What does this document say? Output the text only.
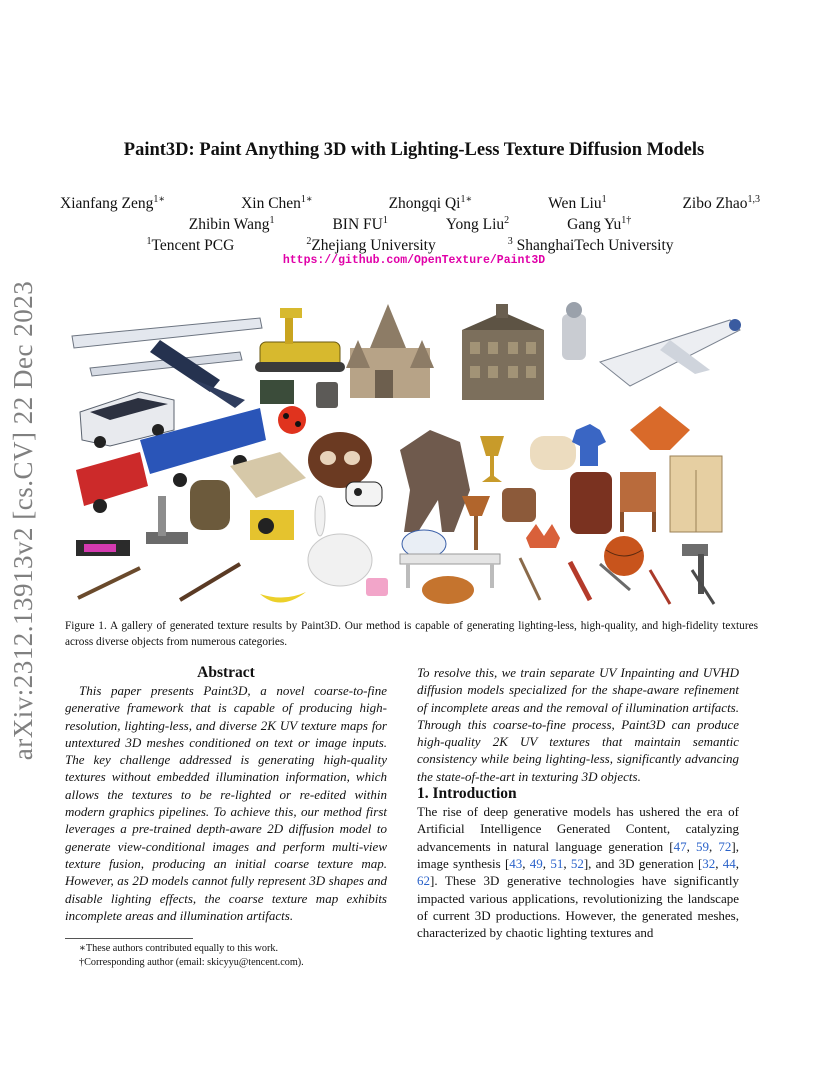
arXiv:2312.13913v2 [cs.CV] 22 Dec 2023
Paint3D: Paint Anything 3D with Lighting-Less Texture Diffusion Models
Xianfang Zeng$^{1∗}$	Xin Chen$^{1∗}$	Zhongqi $Qi^{1∗}$	Wen Liu$^1$	Zibo Zhao$^{1,3}$
Zhibin Wang$^1$	BIN $FU^1$	Yong Liu$^2$	Gang $Yu^{1\dagger}$
$^1$Tencent PCG	$^2$Zhejiang University	$^3$ ShanghaiTech University
https://github.com/OpenTexture/Paint3D
Figure 1. A gallery of generated texture results by Paint3D. Our method is capable of generating lighting-less, high-quality, and high-fidelity textures across diverse objects from numerous categories.

Abstract

This paper presents Paint3D, a novel coarse-to-fine generative framework that is capable of producing high-resolution, lighting-less, and diverse 2K UV texture maps for untextured 3D meshes conditioned on text or image inputs. The key challenge addressed is generating high-quality textures without embedded illumination information, which allows the textures to be re-lighted or re-edited within modern graphics pipelines. To achieve this, our method first leverages a pre-trained depth-aware 2D diffusion model to generate view-conditional images and perform multi-view texture fusion, producing an initial coarse texture map. However, as 2D models cannot fully represent 3D shapes and disable lighting effects, the coarse texture map exhibits incomplete areas and illumination artifacts.

∗These authors contributed equally to this work.

†Corresponding author (email: skicyyu@tencent.com).

To resolve this, we train separate UV Inpainting and UVHD diffusion models specialized for the shape-aware refinement of incomplete areas and the removal of illumination artifacts. Through this coarse-to-fine process, Paint3D can produce high-quality 2K UV textures that maintain semantic consistency while being lighting-less, significantly advancing the state-of-the-art in texturing 3D objects.

1. Introduction

The rise of deep generative models has ushered the era of Artificial Intelligence Generated Content, catalyzing advancements in natural language generation [47, 59, 72], image synthesis [43, 49, 51, 52], and 3D generation [32, 44, 62]. These 3D generative technologies have significantly impacted various applications, revolutionizing the landscape of current 3D productions. However, the generated meshes, characterized by chaotic lighting textures and
